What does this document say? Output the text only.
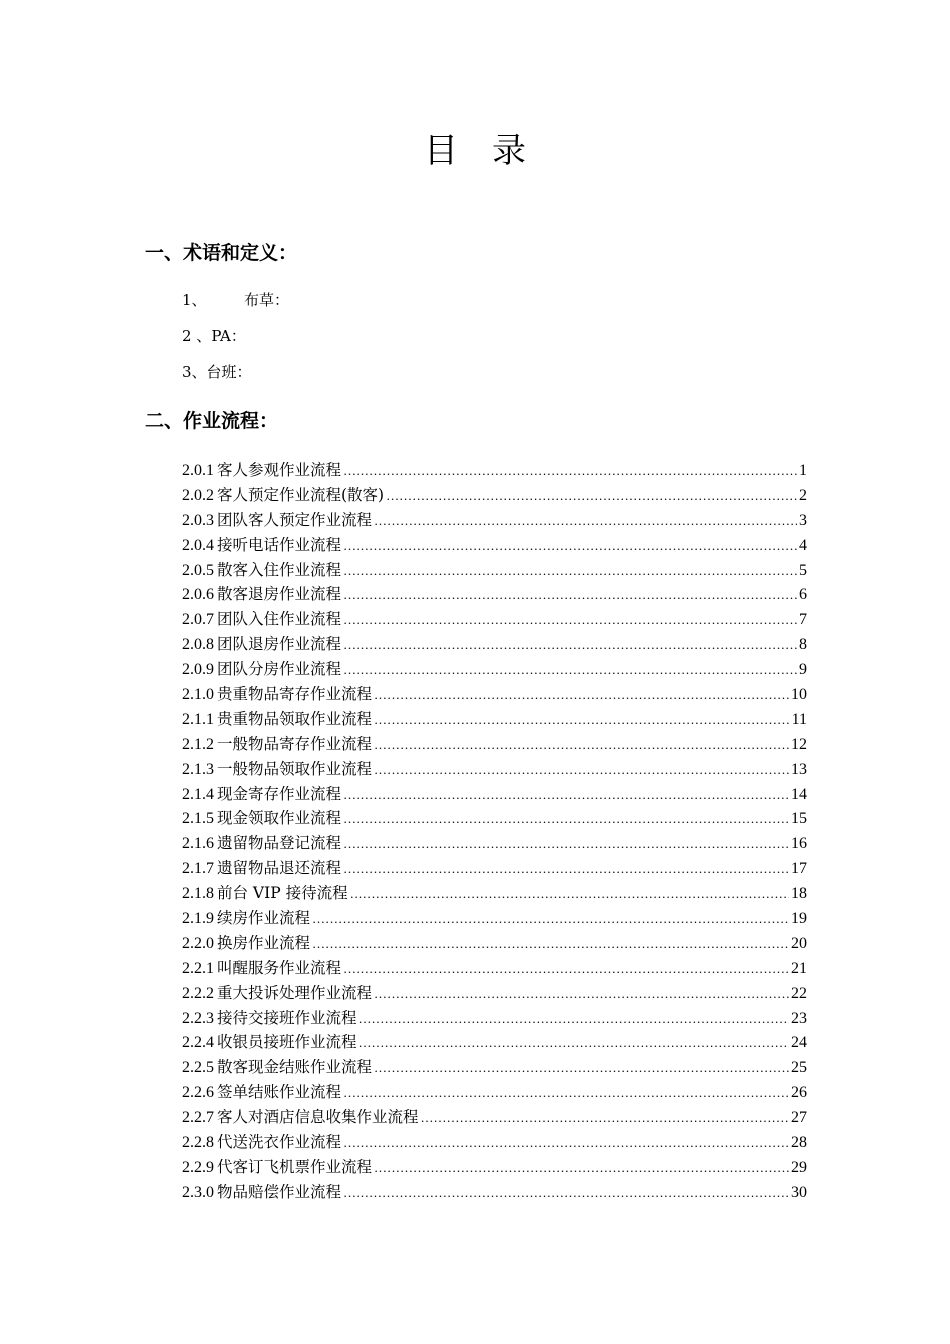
目 录
一、术语和定义：
1、 布草：
2 、PA：
3、台班：
二、作业流程：
2.0.1 客人参观作业流程 ………………………………………………………………………………………………………………………………………………………………………………	1
2.0.2 客人预定作业流程(散客) ………………………………………………………………………………………………………………………………………………………………………………	2
2.0.3 团队客人预定作业流程 ………………………………………………………………………………………………………………………………………………………………………………	3
2.0.4 接听电话作业流程 ………………………………………………………………………………………………………………………………………………………………………………	4
2.0.5 散客入住作业流程 ………………………………………………………………………………………………………………………………………………………………………………	5
2.0.6 散客退房作业流程 ………………………………………………………………………………………………………………………………………………………………………………	6
2.0.7 团队入住作业流程 ………………………………………………………………………………………………………………………………………………………………………………	7
2.0.8 团队退房作业流程 ………………………………………………………………………………………………………………………………………………………………………………	8
2.0.9 团队分房作业流程 ………………………………………………………………………………………………………………………………………………………………………………	9
2.1.0 贵重物品寄存作业流程 ………………………………………………………………………………………………………………………………………………………………………………	10
2.1.1 贵重物品领取作业流程 ………………………………………………………………………………………………………………………………………………………………………………	11
2.1.2 一般物品寄存作业流程 ………………………………………………………………………………………………………………………………………………………………………………	12
2.1.3 一般物品领取作业流程 ………………………………………………………………………………………………………………………………………………………………………………	13
2.1.4 现金寄存作业流程 ………………………………………………………………………………………………………………………………………………………………………………	14
2.1.5 现金领取作业流程 ………………………………………………………………………………………………………………………………………………………………………………	15
2.1.6 遗留物品登记流程 ………………………………………………………………………………………………………………………………………………………………………………	16
2.1.7 遗留物品退还流程 ………………………………………………………………………………………………………………………………………………………………………………	17
2.1.8 前台 VIP 接待流程 ………………………………………………………………………………………………………………………………………………………………………………	18
2.1.9 续房作业流程 ………………………………………………………………………………………………………………………………………………………………………………	19
2.2.0 换房作业流程 ………………………………………………………………………………………………………………………………………………………………………………	20
2.2.1 叫醒服务作业流程 ………………………………………………………………………………………………………………………………………………………………………………	21
2.2.2 重大投诉处理作业流程 ………………………………………………………………………………………………………………………………………………………………………………	22
2.2.3 接待交接班作业流程 ………………………………………………………………………………………………………………………………………………………………………………	23
2.2.4 收银员接班作业流程 ………………………………………………………………………………………………………………………………………………………………………………	24
2.2.5 散客现金结账作业流程 ………………………………………………………………………………………………………………………………………………………………………………	25
2.2.6 签单结账作业流程 ………………………………………………………………………………………………………………………………………………………………………………	26
2.2.7 客人对酒店信息收集作业流程 ………………………………………………………………………………………………………………………………………………………………………………	27
2.2.8 代送洗衣作业流程 ………………………………………………………………………………………………………………………………………………………………………………	28
2.2.9 代客订飞机票作业流程 ………………………………………………………………………………………………………………………………………………………………………………	29
2.3.0 物品赔偿作业流程 ………………………………………………………………………………………………………………………………………………………………………………	30
